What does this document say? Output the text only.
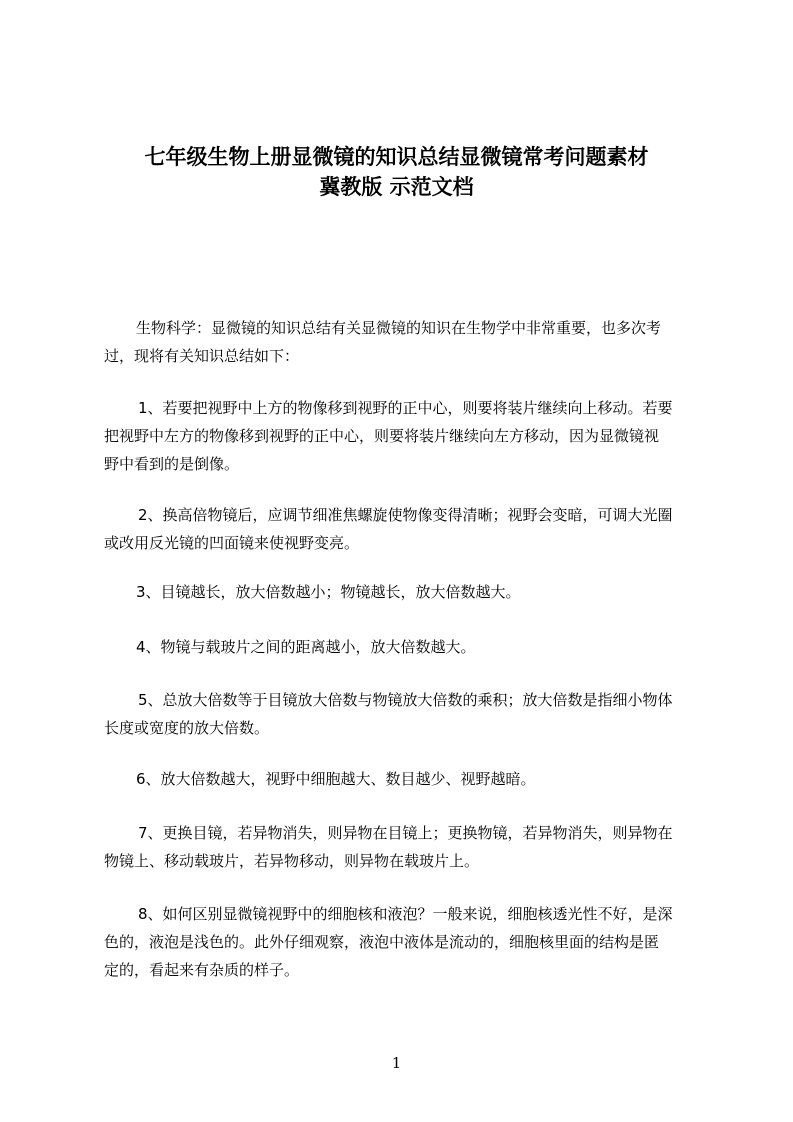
七年级生物上册显微镜的知识总结显微镜常考问题素材
冀教版 示范文档
生物科学：显微镜的知识总结有关显微镜的知识在生物学中非常重要，也多次考
过，现将有关知识总结如下：
1、若要把视野中上方的物像移到视野的正中心，则要将装片继续向上移动。若要
把视野中左方的物像移到视野的正中心，则要将装片继续向左方移动，因为显微镜视
野中看到的是倒像。
2、换高倍物镜后，应调节细准焦螺旋使物像变得清晰；视野会变暗，可调大光圈
或改用反光镜的凹面镜来使视野变亮。
3、目镜越长，放大倍数越小；物镜越长，放大倍数越大。
4、物镜与载玻片之间的距离越小，放大倍数越大。
5、总放大倍数等于目镜放大倍数与物镜放大倍数的乘积；放大倍数是指细小物体
长度或宽度的放大倍数。
6、放大倍数越大，视野中细胞越大、数目越少、视野越暗。
7、更换目镜，若异物消失，则异物在目镜上；更换物镜，若异物消失，则异物在
物镜上、移动载玻片，若异物移动，则异物在载玻片上。
8、如何区别显微镜视野中的细胞核和液泡？一般来说，细胞核透光性不好，是深
色的，液泡是浅色的。此外仔细观察，液泡中液体是流动的，细胞核里面的结构是匿
定的，看起来有杂质的样子。
1
